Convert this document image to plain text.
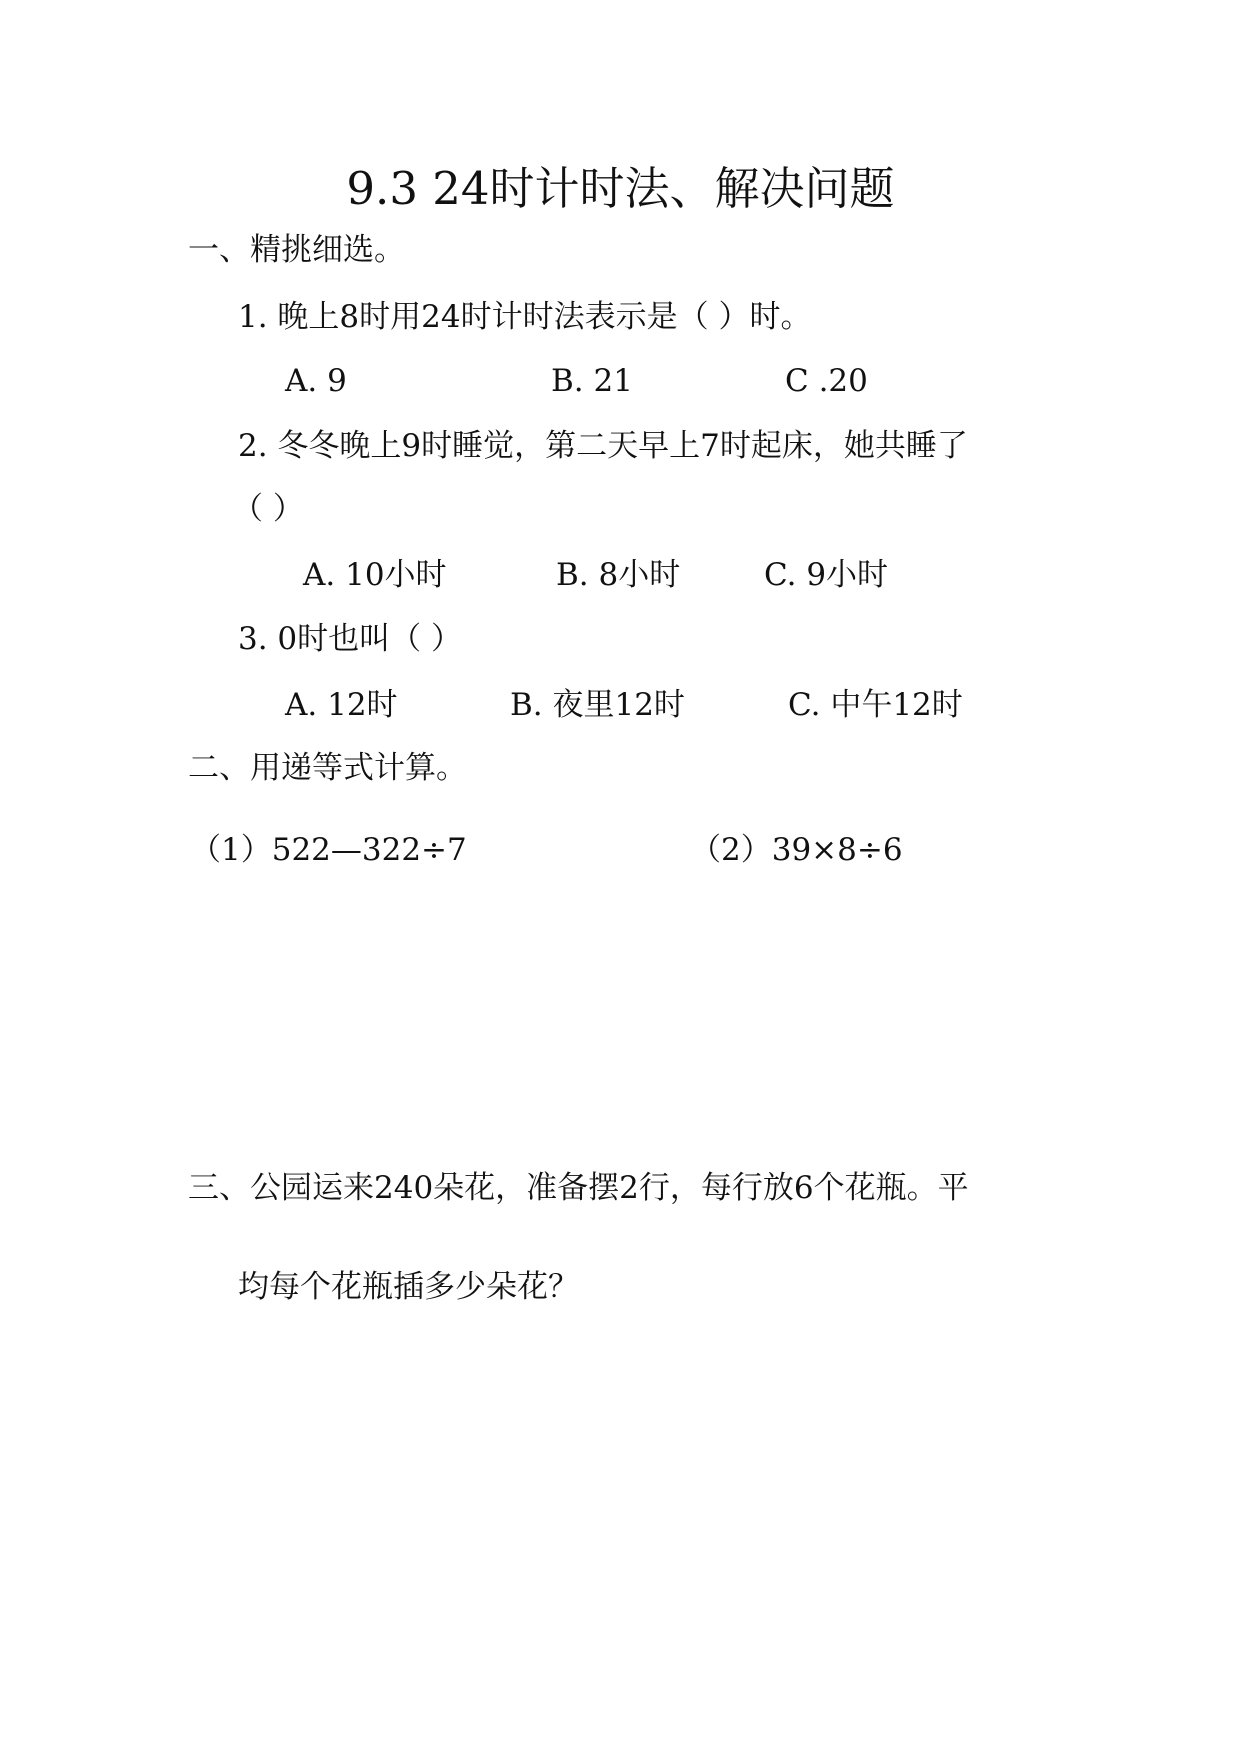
9.3 24时计时法、解决问题
一、精挑细选。
1. 晚上8时用24时计时法表示是（ ）时。
A. 9	B. 21	C .20
2. 冬冬晚上9时睡觉，第二天早上7时起床，她共睡了
（ ）
A. 10小时	B. 8小时	C. 9小时
3. 0时也叫（ ）
A. 12时	B. 夜里12时	C. 中午12时
二、用递等式计算。
（1）522—322÷7	（2）39×8÷6
三、公园运来240朵花，准备摆2行，每行放6个花瓶。平
均每个花瓶插多少朵花？
